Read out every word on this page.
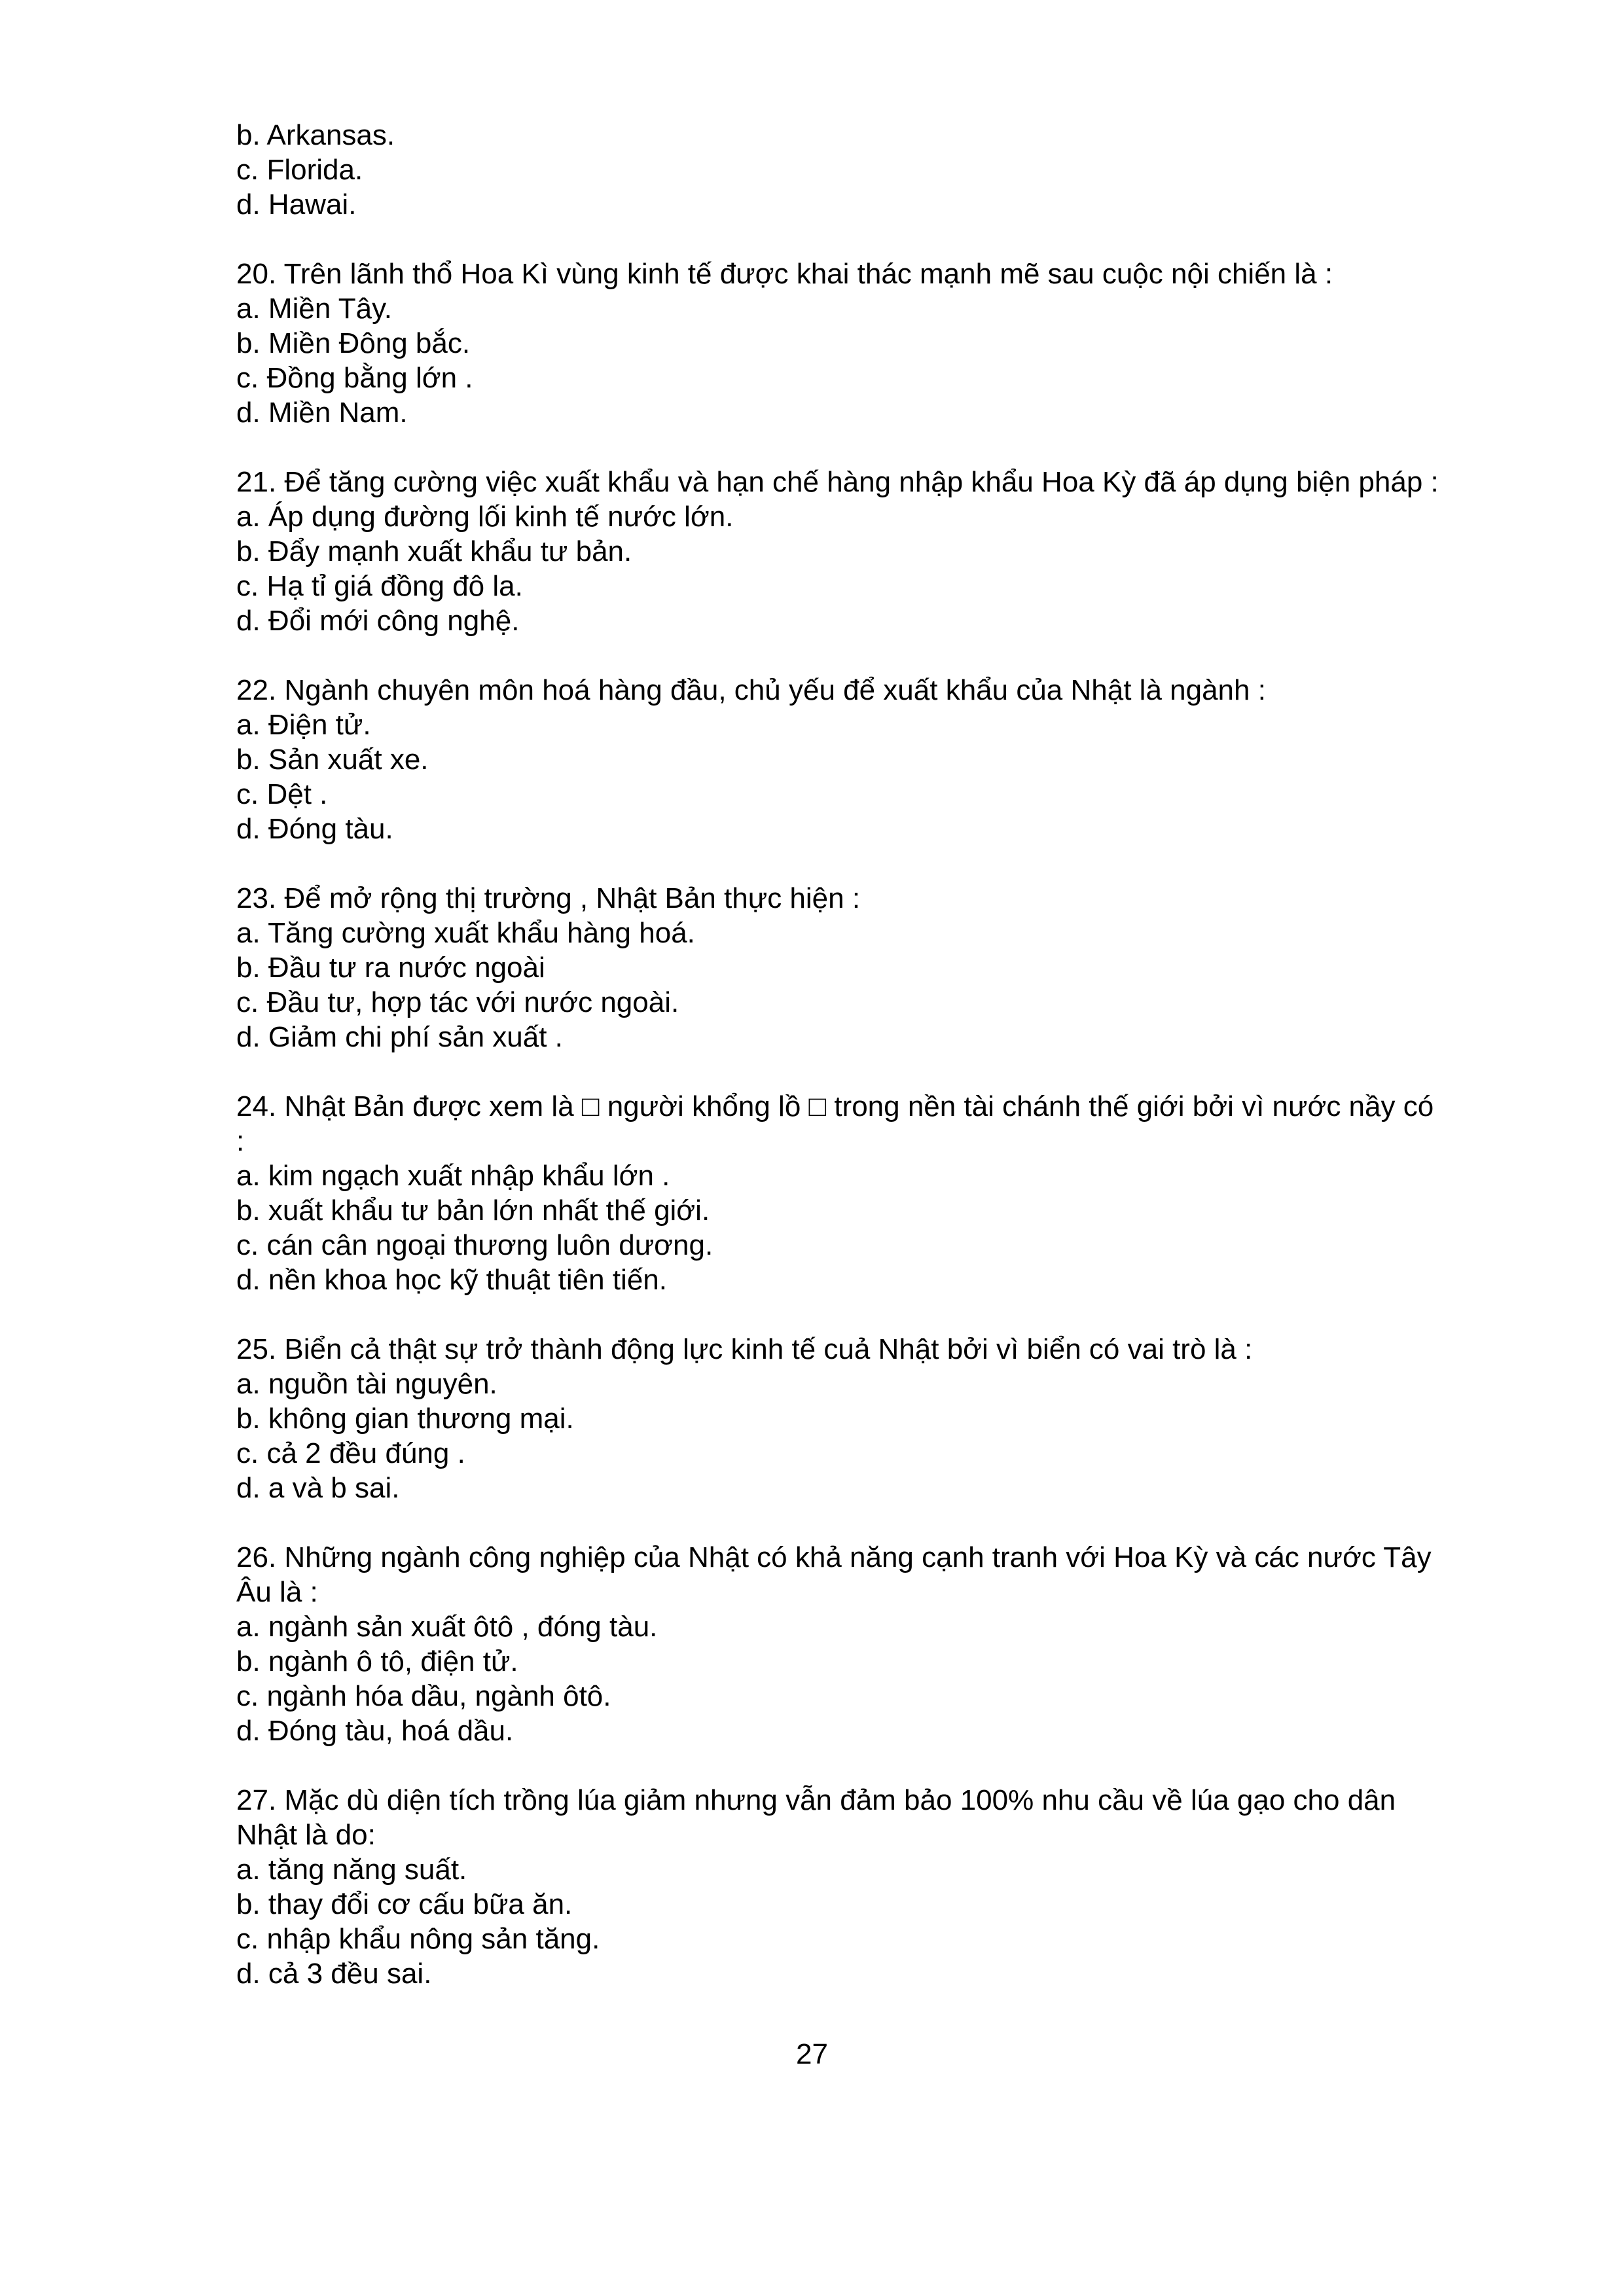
b. Arkansas.
c. Florida.
d. Hawai.
20. Trên lãnh thổ Hoa Kì vùng kinh tế được khai thác mạnh mẽ sau cuộc nội chiến là :
a. Miền Tây.
b. Miền Đông bắc.
c. Đồng bằng lớn .
d. Miền Nam.
21. Để tăng cường việc xuất khẩu và hạn chế hàng nhập khẩu Hoa Kỳ đã áp dụng biện pháp :
a. Áp dụng đường lối kinh tế nước lớn.
b. Đẩy mạnh xuất khẩu tư bản.
c. Hạ tỉ giá đồng đô la.
d. Đổi mới công nghệ.
22. Ngành chuyên môn hoá hàng đầu, chủ yếu để xuất khẩu của Nhật là ngành :
a. Điện tử.
b. Sản xuất xe.
c. Dệt .
d. Đóng tàu.
23. Để mở rộng thị trường , Nhật Bản thực hiện :
a. Tăng cường xuất khẩu hàng hoá.
b. Đầu tư ra nước ngoài
c. Đầu tư, hợp tác với nước ngoài.
d. Giảm chi phí sản xuất .
24. Nhật Bản được xem là □ người khổng lồ □ trong nền tài chánh thế giới bởi vì nước nầy có
:
a. kim ngạch xuất nhập khẩu lớn .
b. xuất khẩu tư bản lớn nhất thế giới.
c. cán cân ngoại thương luôn dương.
d. nền khoa học kỹ thuật tiên tiến.
25. Biển cả thật sự trở thành động lực kinh tế cuả Nhật bởi vì biển có vai trò là :
a. nguồn tài nguyên.
b. không gian thương mại.
c. cả 2 đều đúng .
d. a và b sai.
26. Những ngành công nghiệp của Nhật có khả năng cạnh tranh với Hoa Kỳ và các nước Tây
Âu là :
a. ngành sản xuất ôtô , đóng tàu.
b. ngành ô tô, điện tử.
c. ngành hóa dầu, ngành ôtô.
d. Đóng tàu, hoá dầu.
27. Mặc dù diện tích trồng lúa giảm nhưng vẫn đảm bảo 100% nhu cầu về lúa gạo cho dân
Nhật là do:
a. tăng năng suất.
b. thay đổi cơ cấu bữa ăn.
c. nhập khẩu nông sản tăng.
d. cả 3 đều sai.
27
